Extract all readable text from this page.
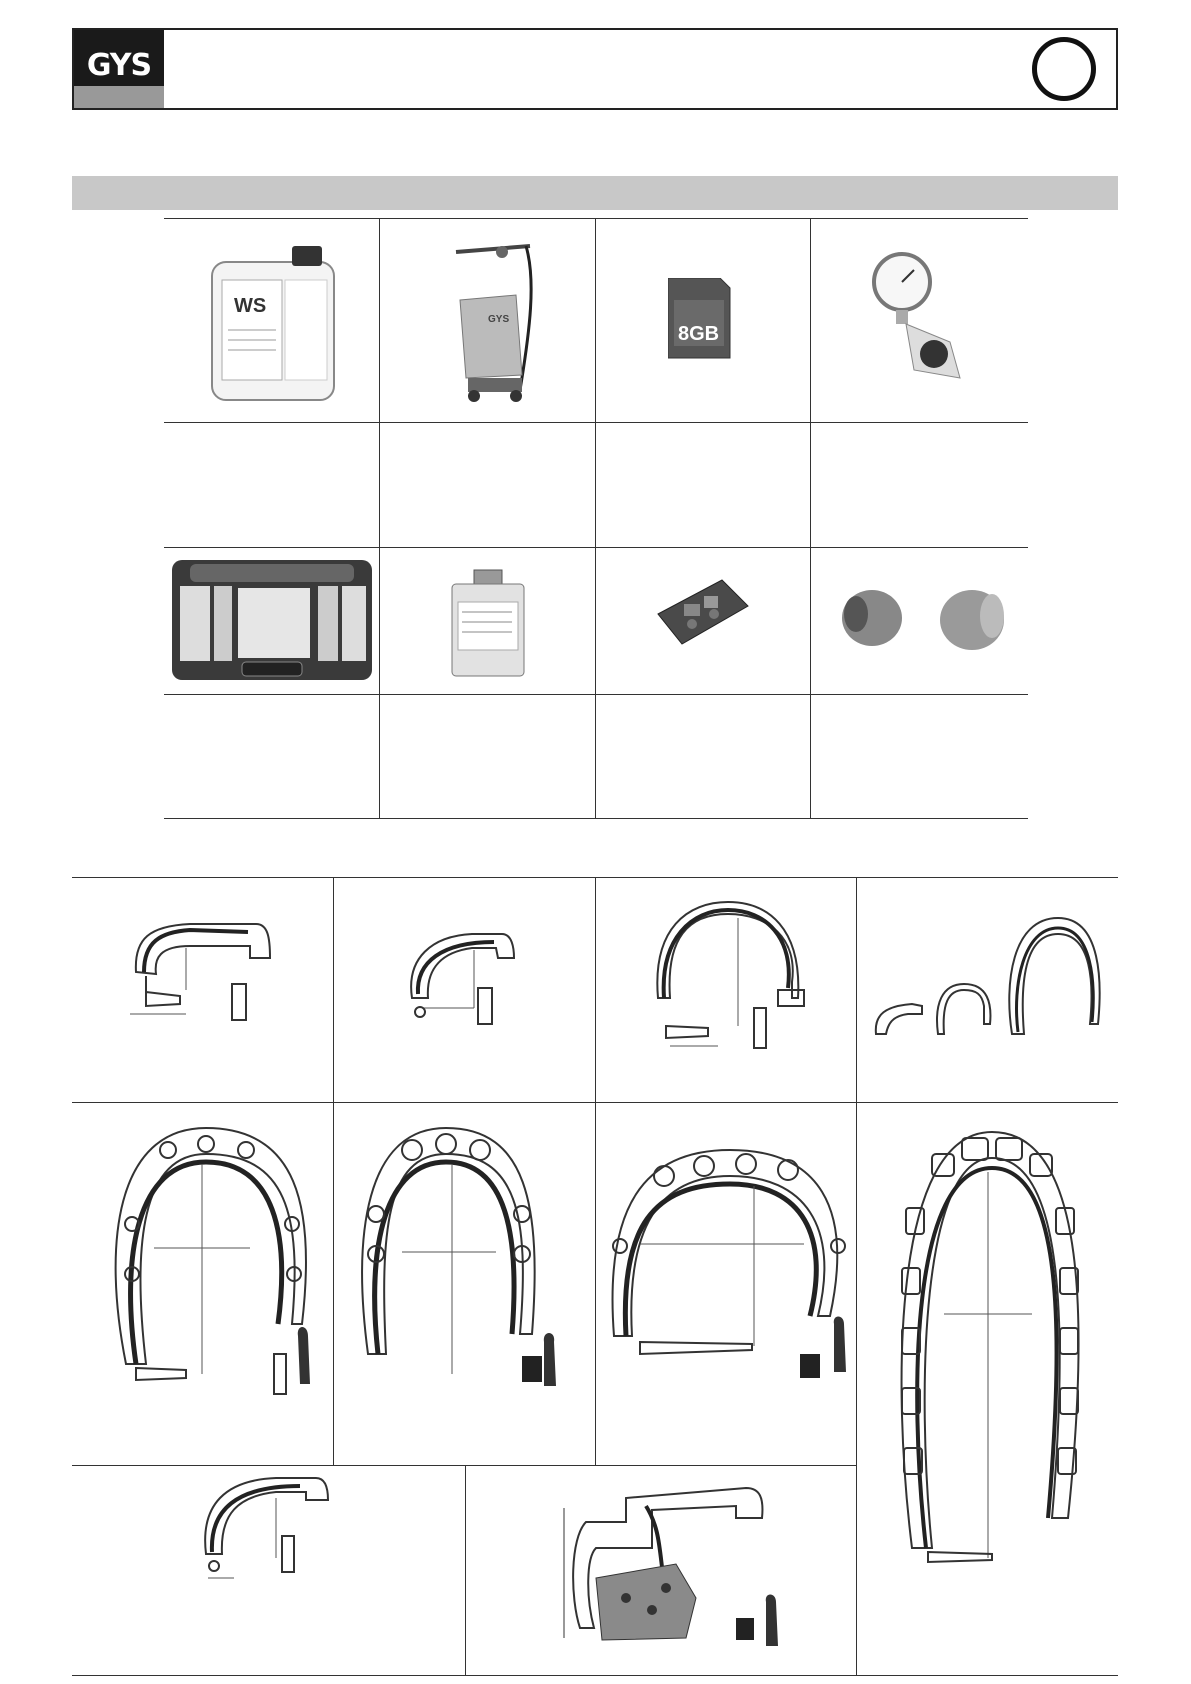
GYS
WS
GYS
8GB
